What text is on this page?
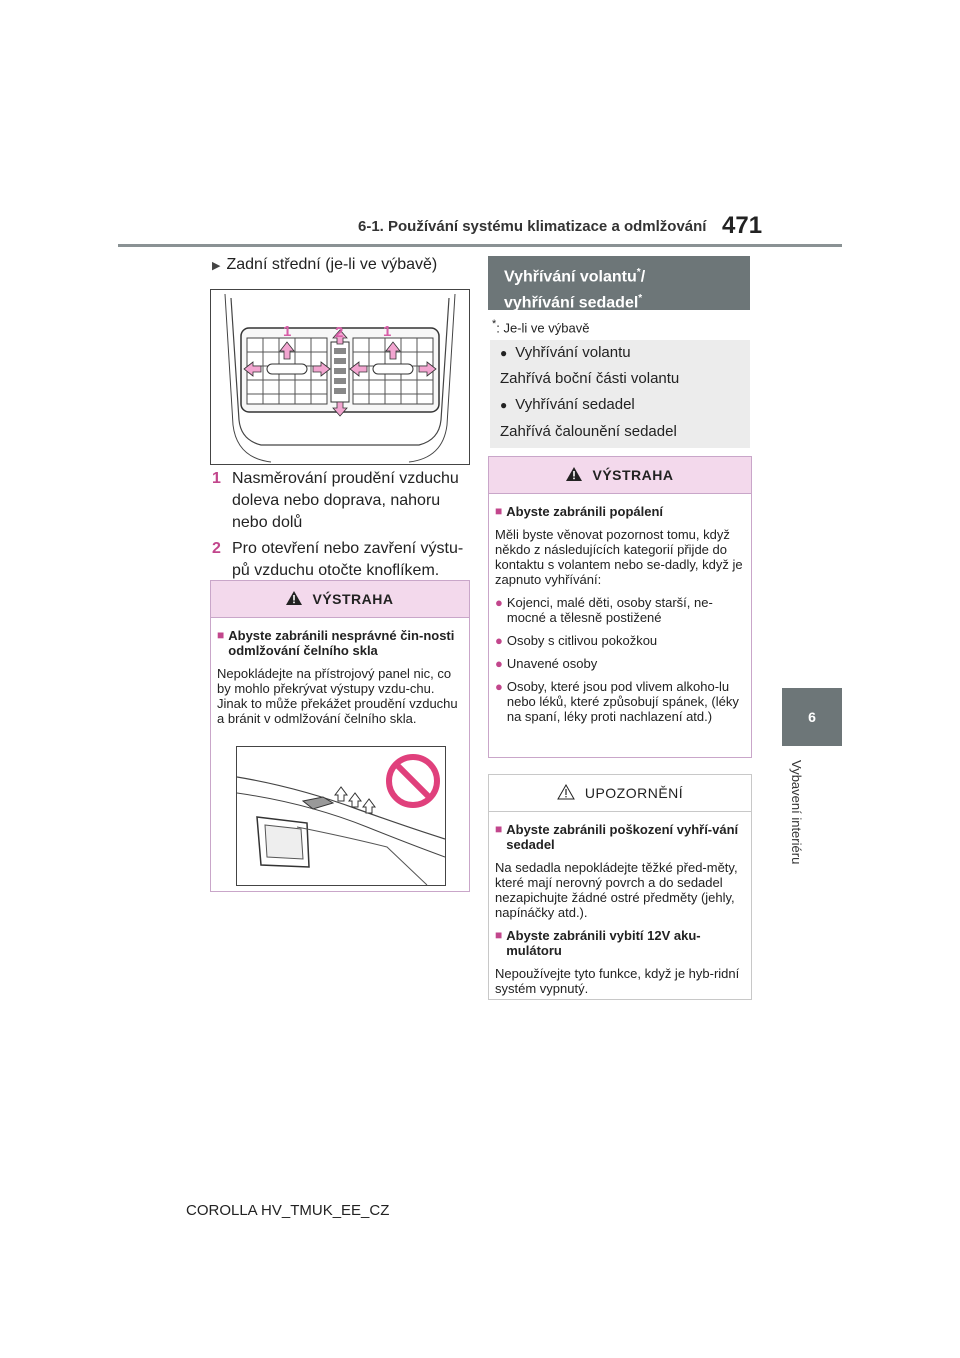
6-1. Používání systému klimatizace a odmlžování 471
6
Vybavení interiéru
▶ Zadní střední (je-li ve výbavě)
1	2	1
1 Nasměrování proudění vzduchu doleva nebo doprava, nahoru nebo dolů
2 Pro otevření nebo zavření výstu-pů vzduchu otočte knoflíkem.
VÝSTRAHA
■ Abyste zabránili nesprávné čin-nosti odmlžování čelního skla
Nepokládejte na přístrojový panel nic, co by mohlo překrývat výstupy vzdu-chu. Jinak to může překážet proudění vzduchu a bránit v odmlžování čelního skla.
Vyhřívání volantu*/
vyhřívání sedadel*
*: Je-li ve výbavě
● Vyhřívání volantu
Zahřívá boční části volantu
● Vyhřívání sedadel
Zahřívá čalounění sedadel
VÝSTRAHA
■ Abyste zabránili popálení
Měli byste věnovat pozornost tomu, když někdo z následujících kategorií přijde do kontaktu s volantem nebo se-dadly, když je zapnuto vyhřívání:
● Kojenci, malé děti, osoby starší, ne-mocné a tělesně postižené
● Osoby s citlivou pokožkou
● Unavené osoby
● Osoby, které jsou pod vlivem alkoho-lu nebo léků, které způsobují spánek, (léky na spaní, léky proti nachlazení atd.)
UPOZORNĚNÍ
■ Abyste zabránili poškození vyhří-vání sedadel
Na sedadla nepokládejte těžké před-měty, které mají nerovný povrch a do sedadel nezapichujte žádné ostré předměty (jehly, napínáčky atd.).
■ Abyste zabránili vybití 12V aku-mulátoru
Nepoužívejte tyto funkce, když je hyb-ridní systém vypnutý.
COROLLA HV_TMUK_EE_CZ
